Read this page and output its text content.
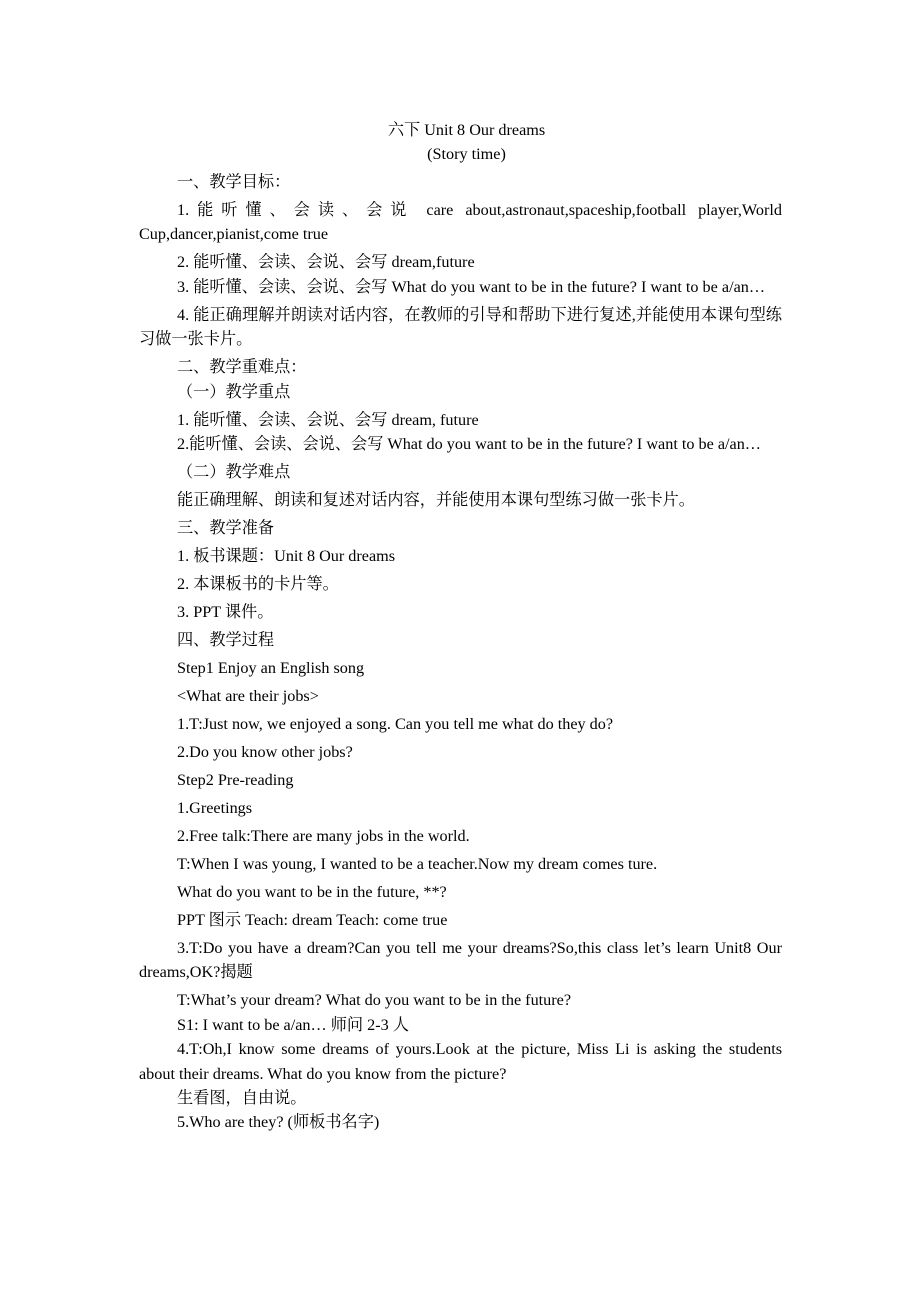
六下 Unit 8 Our dreams

(Story time)

一、教学目标：

1.能听懂、会读、会说 care about,astronaut,spaceship,football player,World Cup,dancer,pianist,come true

2. 能听懂、会读、会说、会写 dream,future

3. 能听懂、会读、会说、会写 What do you want to be in the future? I want to be a/an…

4. 能正确理解并朗读对话内容，在教师的引导和帮助下进行复述,并能使用本课句型练习做一张卡片。

二、教学重难点：

（一）教学重点

1. 能听懂、会读、会说、会写 dream, future

2.能听懂、会读、会说、会写 What do you want to be in the future? I want to be a/an…

（二）教学难点

能正确理解、朗读和复述对话内容，并能使用本课句型练习做一张卡片。

三、教学准备

1. 板书课题：Unit 8 Our dreams

2. 本课板书的卡片等。

3. PPT 课件。

四、教学过程

Step1 Enjoy an English song

<What are their jobs>

1.T:Just now, we enjoyed a song. Can you tell me what do they do?

2.Do you know other jobs?

Step2 Pre-reading

1.Greetings

2.Free talk:There are many jobs in the world.

T:When I was young, I wanted to be a teacher.Now my dream comes ture.

What do you want to be in the future, **?

PPT 图示 Teach: dream Teach: come true

3.T:Do you have a dream?Can you tell me your dreams?So,this class let’s learn Unit8 Our dreams,OK?揭题

T:What’s your dream? What do you want to be in the future?

S1: I want to be a/an… 师问 2-3 人

4.T:Oh,I know some dreams of yours.Look at the picture, Miss Li is asking the students about their dreams. What do you know from the picture?

生看图，自由说。

5.Who are they? (师板书名字)
